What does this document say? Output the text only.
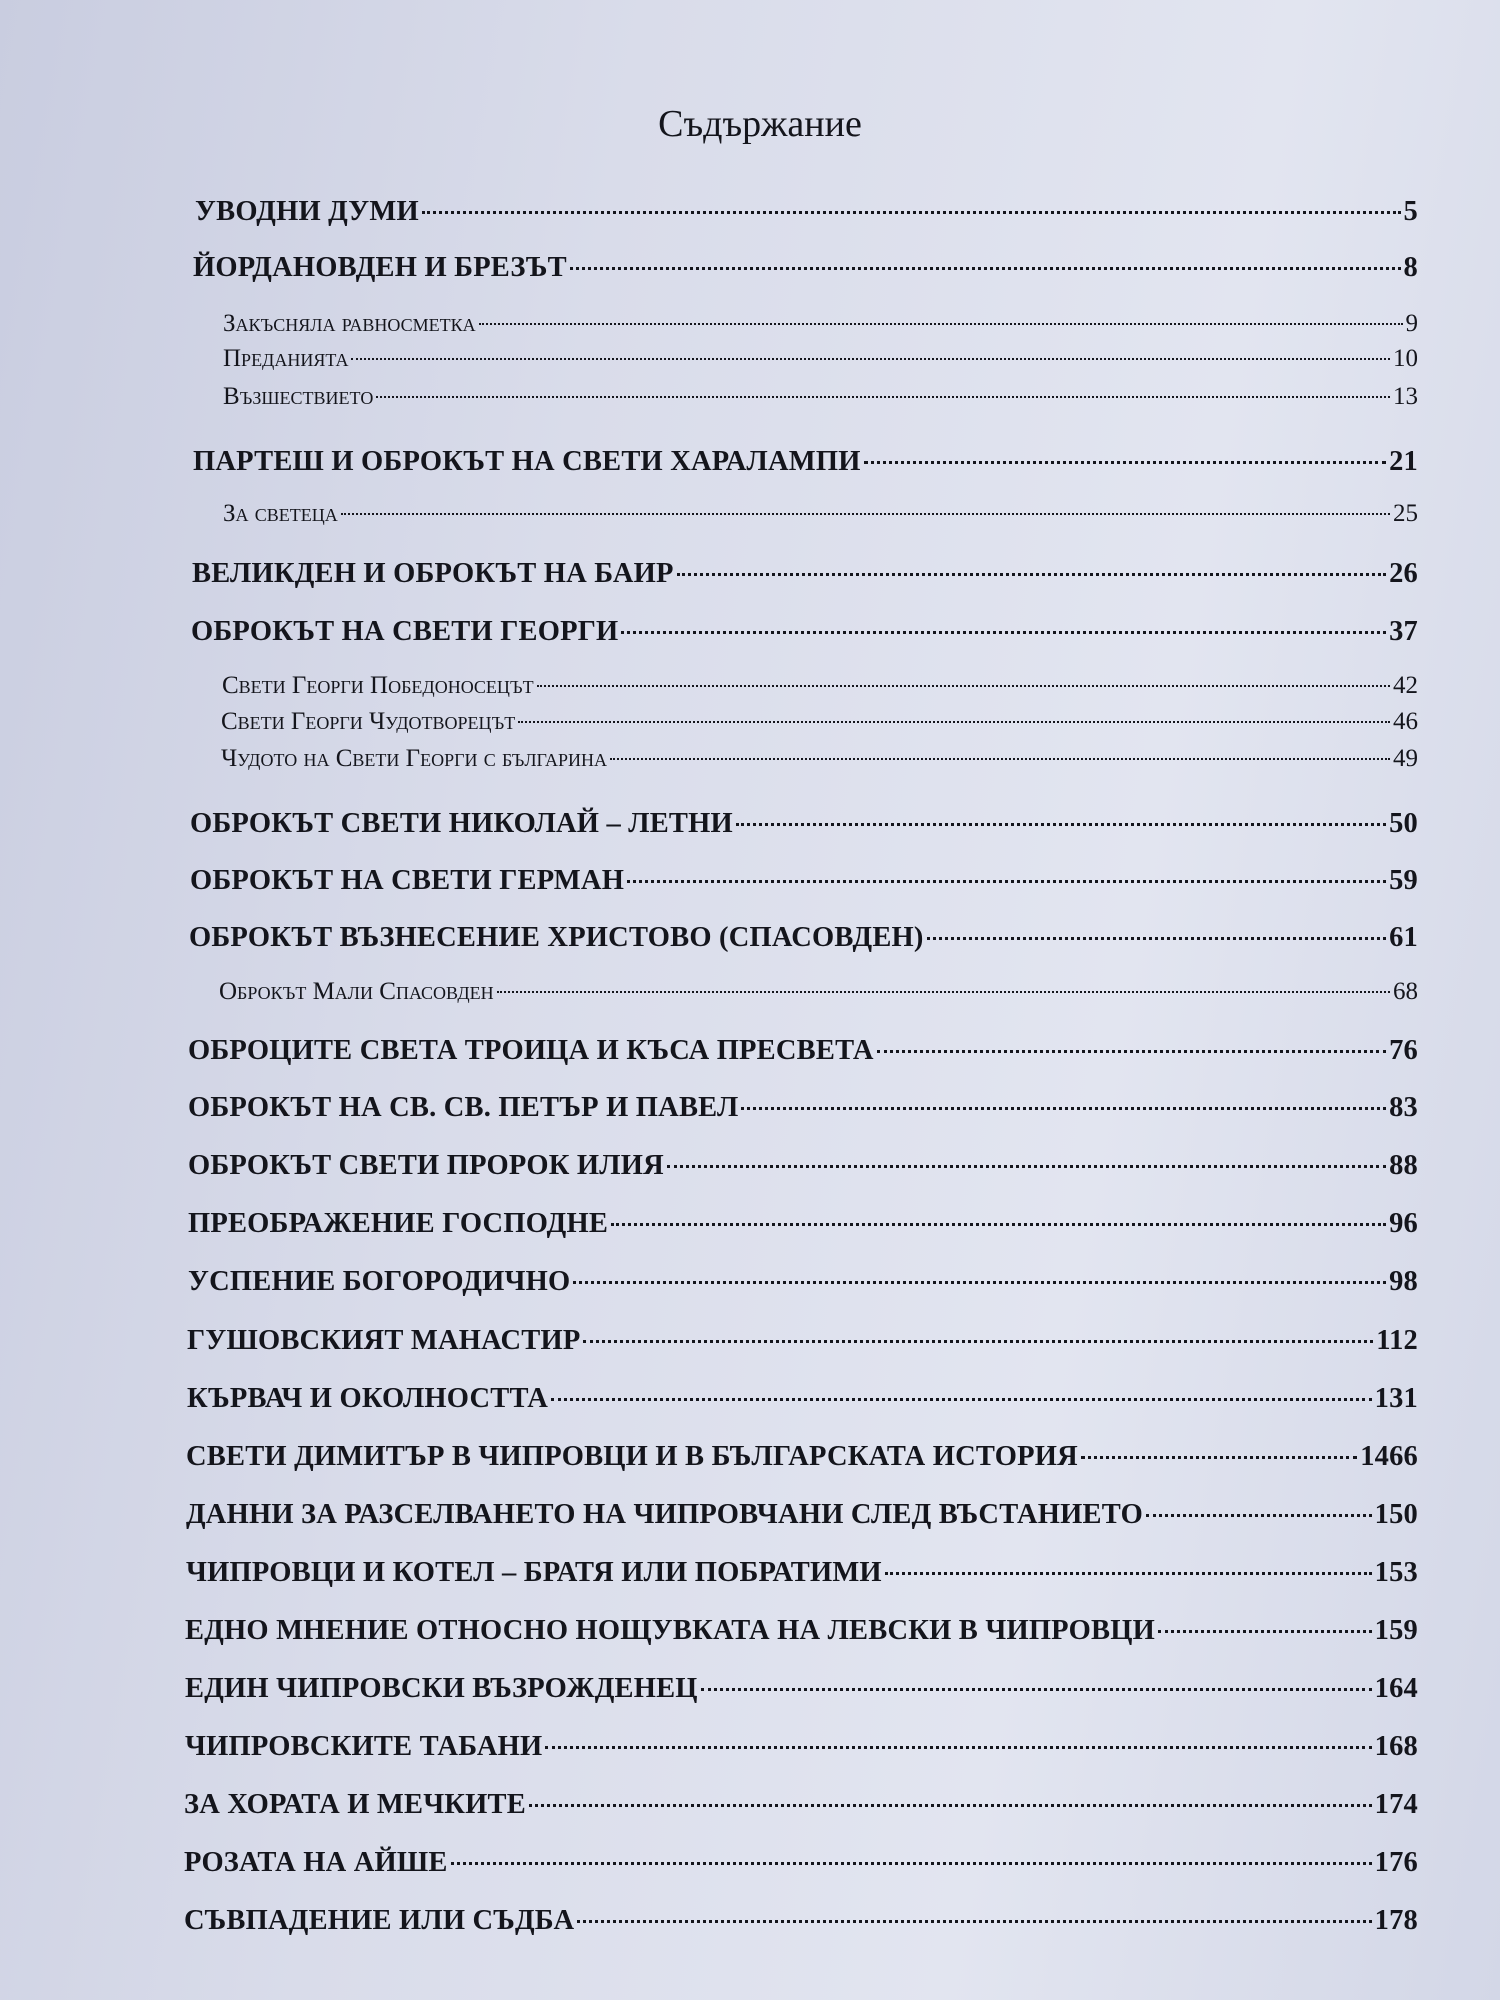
Съдържание
УВОДНИ ДУМИ	5
ЙОРДАНОВДЕН И БРЕЗЪТ	8
Закъсняла равносметка	9
Преданията	10
Възшествието	13
ПАРТЕШ И ОБРОКЪТ НА СВЕТИ ХАРАЛАМПИ	21
За светеца	25
ВЕЛИКДЕН И ОБРОКЪТ НА БАИР	26
ОБРОКЪТ НА СВЕТИ ГЕОРГИ	37
Свети Георги Победоносецът	42
Свети Георги Чудотворецът	46
Чудото на Свети Георги с българина	49
ОБРОКЪТ СВЕТИ НИКОЛАЙ – ЛЕТНИ	50
ОБРОКЪТ НА СВЕТИ ГЕРМАН	59
ОБРОКЪТ ВЪЗНЕСЕНИЕ ХРИСТОВО (СПАСОВДЕН)	61
Оброкът Мали Спасовден	68
ОБРОЦИТЕ СВЕТА ТРОИЦА И КЪСА ПРЕСВЕТА	76
ОБРОКЪТ НА СВ. СВ. ПЕТЪР И ПАВЕЛ	83
ОБРОКЪТ СВЕТИ ПРОРОК ИЛИЯ	88
ПРЕОБРАЖЕНИЕ ГОСПОДНЕ	96
УСПЕНИЕ БОГОРОДИЧНО	98
ГУШОВСКИЯТ МАНАСТИР	112
КЪРВАЧ И ОКОЛНОСТТА	131
СВЕТИ ДИМИТЪР В ЧИПРОВЦИ И В БЪЛГАРСКАТА ИСТОРИЯ	1466
ДАННИ ЗА РАЗСЕЛВАНЕТО НА ЧИПРОВЧАНИ СЛЕД ВЪСТАНИЕТО	150
ЧИПРОВЦИ И КОТЕЛ – БРАТЯ ИЛИ ПОБРАТИМИ	153
ЕДНО МНЕНИЕ ОТНОСНО НОЩУВКАТА НА ЛЕВСКИ В ЧИПРОВЦИ	159
ЕДИН ЧИПРОВСКИ ВЪЗРОЖДЕНЕЦ	164
ЧИПРОВСКИТЕ ТАБАНИ	168
ЗА ХОРАТА И МЕЧКИТЕ	174
РОЗАТА НА АЙШЕ	176
СЪВПАДЕНИЕ ИЛИ СЪДБА	178
